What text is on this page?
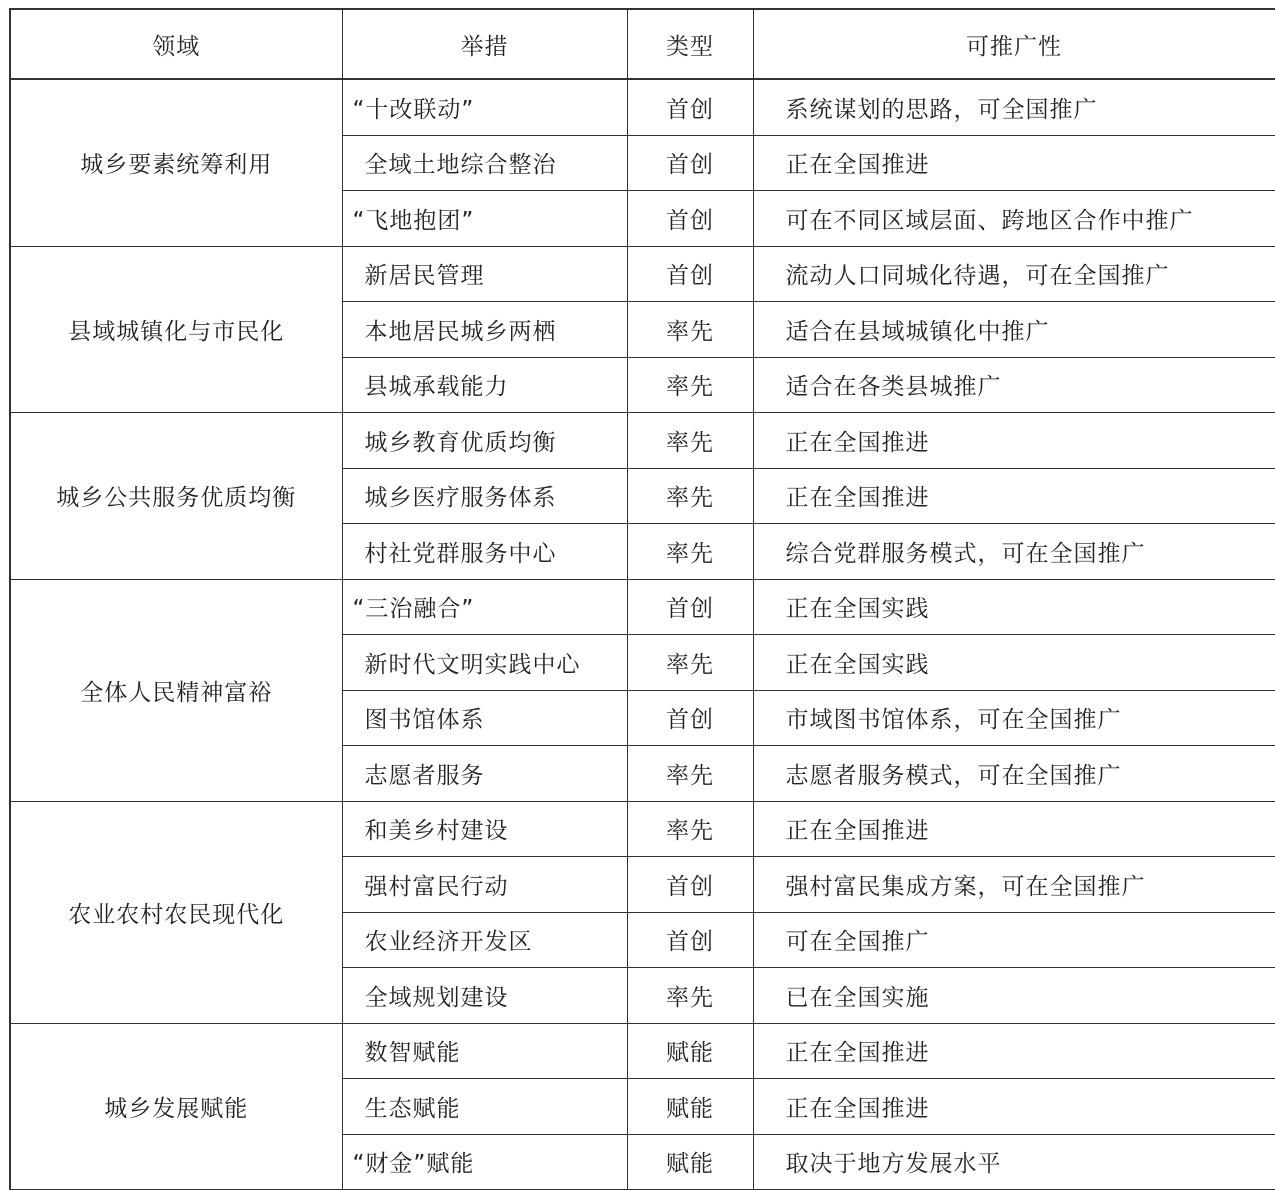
领域	举措	类型	可推广性
城乡要素统筹利用	“十改联动”	首创	系统谋划的思路，可全国推广
	全域土地综合整治	首创	正在全国推进
	“飞地抱团”	首创	可在不同区域层面、跨地区合作中推广
县域城镇化与市民化	新居民管理	首创	流动人口同城化待遇，可在全国推广
	本地居民城乡两栖	率先	适合在县域城镇化中推广
	县城承载能力	率先	适合在各类县城推广
城乡公共服务优质均衡	城乡教育优质均衡	率先	正在全国推进
	城乡医疗服务体系	率先	正在全国推进
	村社党群服务中心	率先	综合党群服务模式，可在全国推广
全体人民精神富裕	“三治融合”	首创	正在全国实践
	新时代文明实践中心	率先	正在全国实践
	图书馆体系	首创	市域图书馆体系，可在全国推广
	志愿者服务	率先	志愿者服务模式，可在全国推广
农业农村农民现代化	和美乡村建设	率先	正在全国推进
	强村富民行动	首创	强村富民集成方案，可在全国推广
	农业经济开发区	首创	可在全国推广
	全域规划建设	率先	已在全国实施
城乡发展赋能	数智赋能	赋能	正在全国推进
	生态赋能	赋能	正在全国推进
	“财金”赋能	赋能	取决于地方发展水平
